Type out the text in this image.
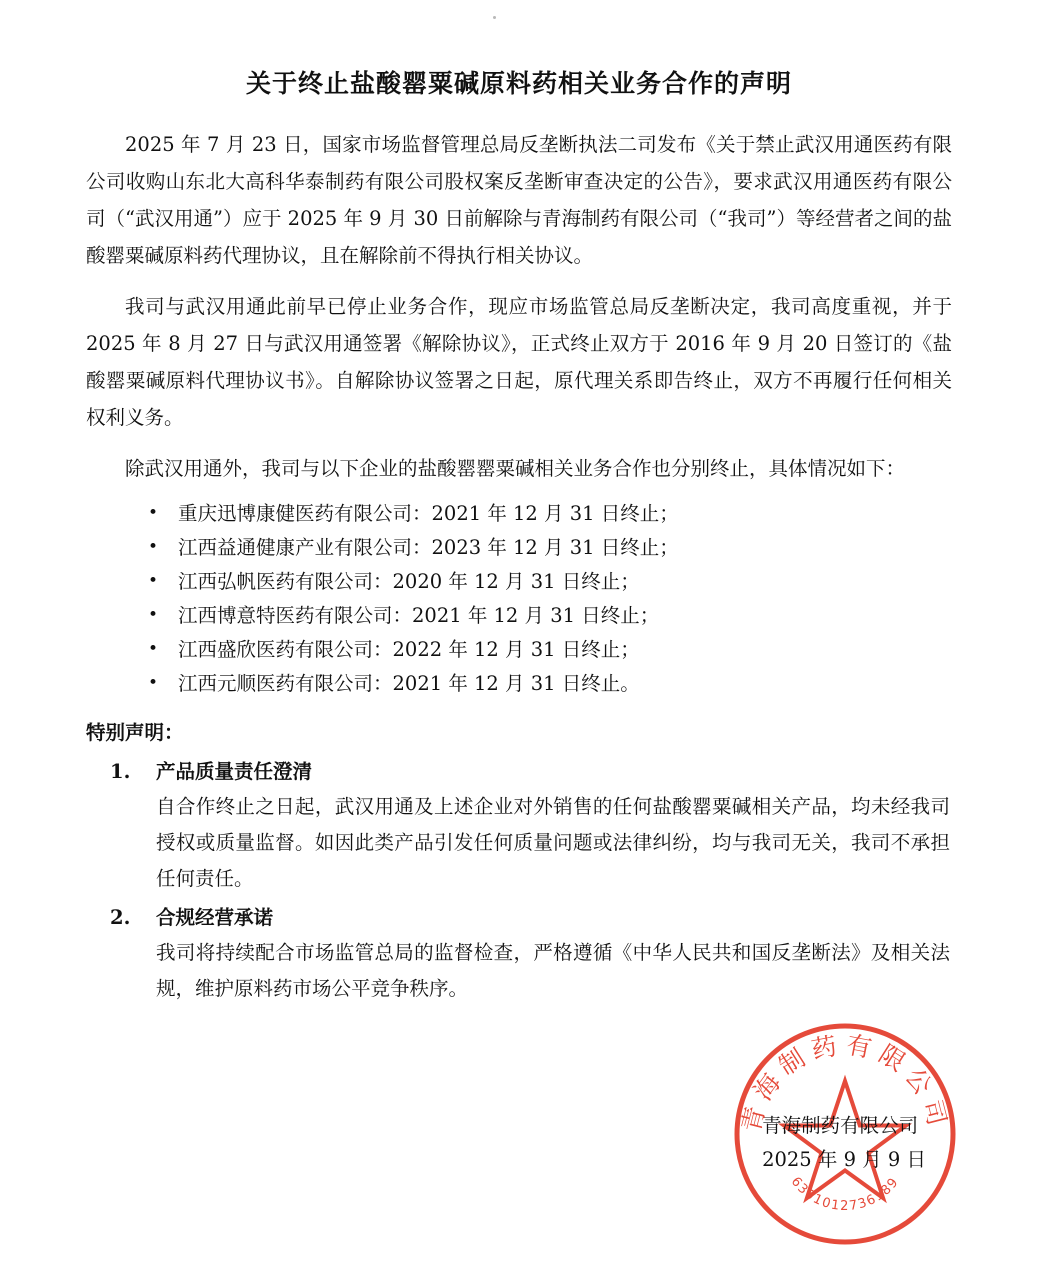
关于终止盐酸罂粟碱原料药相关业务合作的声明

2025 年 7 月 23 日，国家市场监督管理总局反垄断执法二司发布《关于禁止武汉用通医药有限公司收购山东北大高科华泰制药有限公司股权案反垄断审查决定的公告》，要求武汉用通医药有限公司（“武汉用通”）应于 2025 年 9 月 30 日前解除与青海制药有限公司（“我司”）等经营者之间的盐酸罂粟碱原料药代理协议，且在解除前不得执行相关协议。

我司与武汉用通此前早已停止业务合作，现应市场监管总局反垄断决定，我司高度重视，并于 2025 年 8 月 27 日与武汉用通签署《解除协议》，正式终止双方于 2016 年 9 月 20 日签订的《盐酸罂粟碱原料代理协议书》。自解除协议签署之日起，原代理关系即告终止，双方不再履行任何相关权利义务。

除武汉用通外，我司与以下企业的盐酸罂罂粟碱相关业务合作也分别终止，具体情况如下：

• 重庆迅博康健医药有限公司：2021 年 12 月 31 日终止；
• 江西益通健康产业有限公司：2023 年 12 月 31 日终止；
• 江西弘帆医药有限公司：2020 年 12 月 31 日终止；
• 江西博意特医药有限公司：2021 年 12 月 31 日终止；
• 江西盛欣医药有限公司：2022 年 12 月 31 日终止；
• 江西元顺医药有限公司：2021 年 12 月 31 日终止。
特别声明：
1. 产品质量责任澄清
自合作终止之日起，武汉用通及上述企业对外销售的任何盐酸罂粟碱相关产品，均未经我司授权或质量监督。如因此类产品引发任何质量问题或法律纠纷，均与我司无关，我司不承担任何责任。
2. 合规经营承诺
我司将持续配合市场监管总局的监督检查，严格遵循《中华人民共和国反垄断法》及相关法规，维护原料药市场公平竞争秩序。
青海制药有限公司
6301012736189
青海制药有限公司
2025 年 9 月 9 日
